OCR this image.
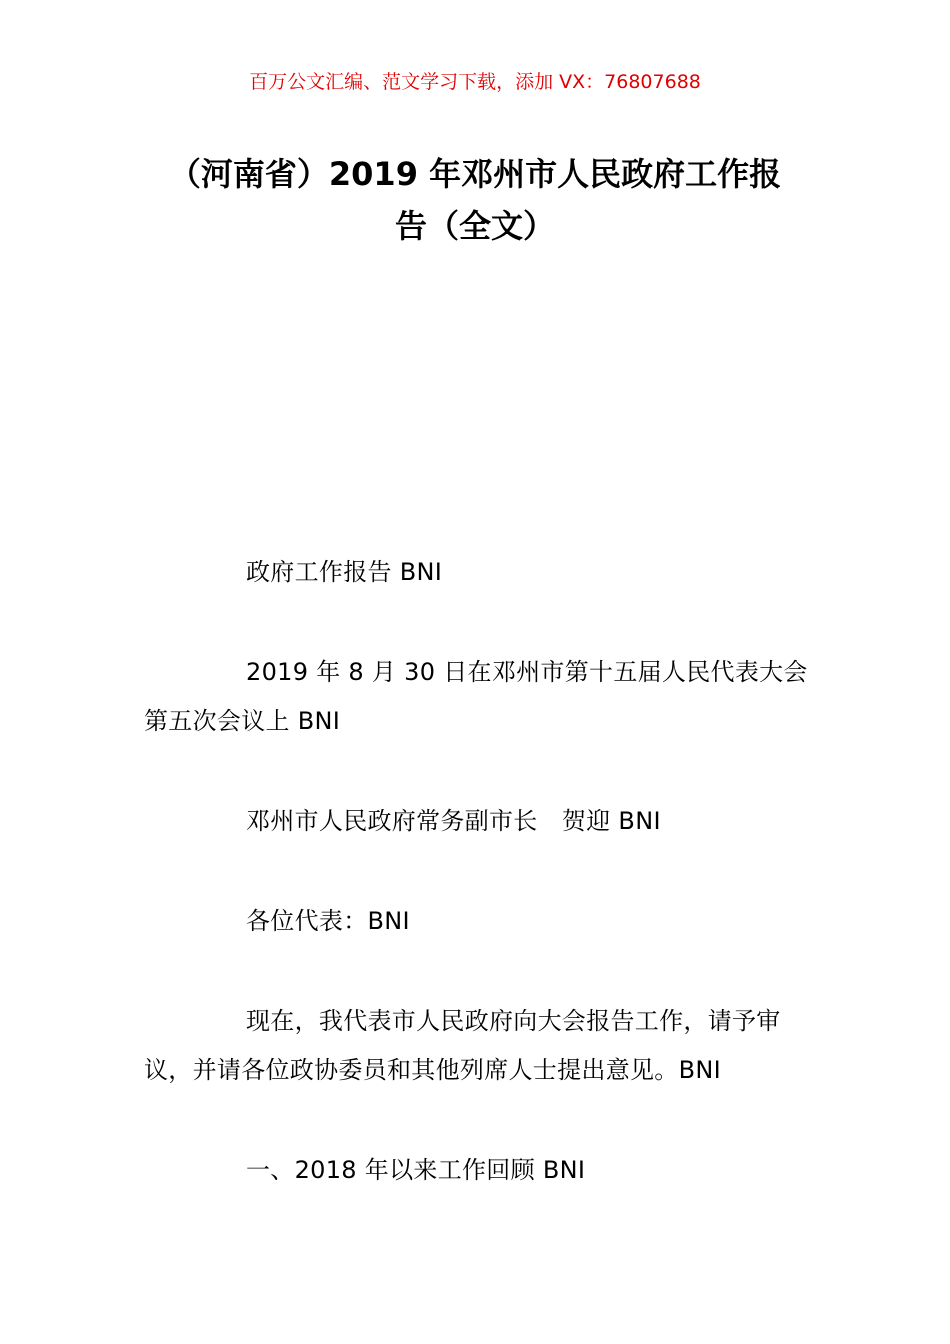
百万公文汇编、范文学习下载，添加 VX：76807688
（河南省）2019 年邓州市人民政府工作报
告（全文）

政府工作报告 BNI

2019 年 8 月 30 日在邓州市第十五届人民代表大会第五次会议上 BNI

邓州市人民政府常务副市长　贺迎 BNI

各位代表：BNI

现在，我代表市人民政府向大会报告工作，请予审议，并请各位政协委员和其他列席人士提出意见。BNI

一、2018 年以来工作回顾 BNI
